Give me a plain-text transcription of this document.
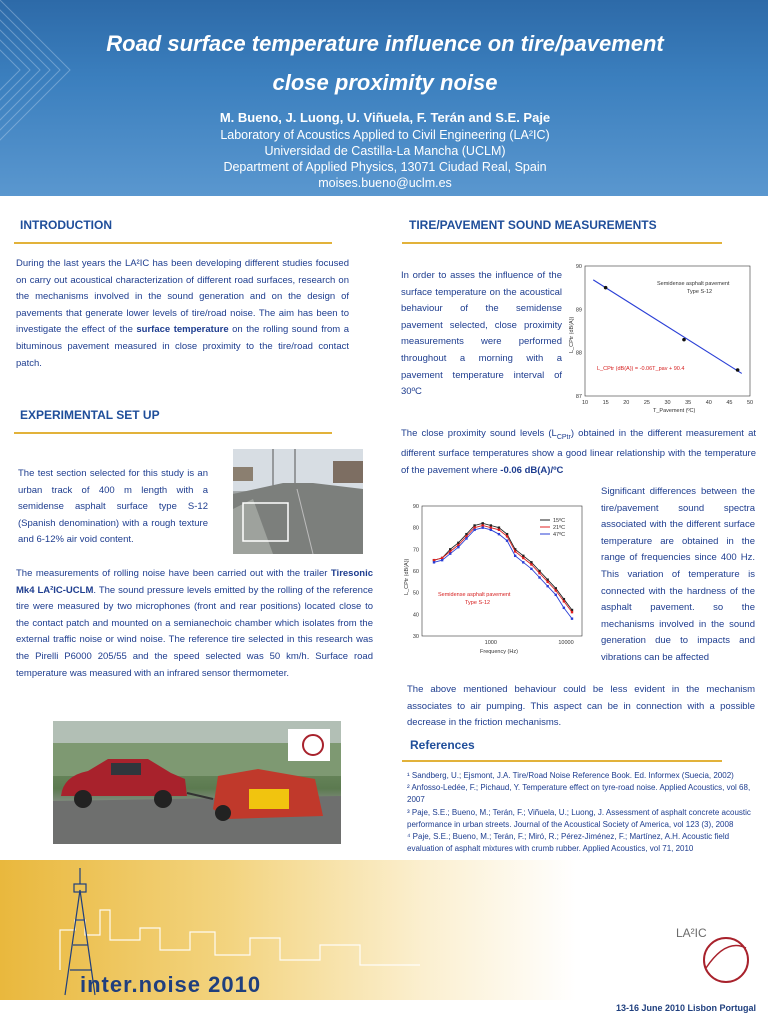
Road surface temperature influence on tire/pavement
close proximity noise
M. Bueno, J. Luong, U. Viñuela, F. Terán and S.E. Paje
Laboratory of Acoustics Applied to Civil Engineering (LA²IC)
Universidad de Castilla-La Mancha (UCLM)
Department of Applied Physics, 13071 Ciudad Real, Spain
moises.bueno@uclm.es
INTRODUCTION
During the last years the LA²IC has been developing different studies focused on carry out acoustical characterization of different road surfaces, research on the mechanisms involved in the sound generation and on the design of pavements that generate lower levels of tire/road noise. The aim has been to investigate the effect of the surface temperature on the rolling sound from a bituminous pavement measured in close proximity to the tire/road contact patch.
EXPERIMENTAL SET UP
The test section selected for this study is an urban track of 400 m length with a semidense asphalt surface type S-12 (Spanish denomination) with a rough texture and 6-12% air void content.
The measurements of rolling noise have been carried out with the trailer Tiresonic Mk4 LA²IC-UCLM. The sound pressure levels emitted by the rolling of the reference tire were measured by two microphones (front and rear positions) located close to the contact patch and mounted on a semianechoic chamber which isolates from the external traffic noise or wind noise. The reference tire selected in this research was the Pirelli P6000 205/55 and the speed selected was 50 km/h. Surface road temperature was measured with an infrared sensor thermometer.
TIRE/PAVEMENT SOUND MEASUREMENTS
In order to asses the influence of the surface temperature on the acoustical behaviour of the semidense pavement selected, close proximity measurements were performed throughout a morning with a pavement temperature interval of 30ºC
Semidense asphalt pavement
Type S-12
L_CPtr (dB(A)) = -0.06T_pav + 90.4
T_Pavement (ºC)
L_CPtr (dB(A))
10	15	20	25	30	35	40	45	50
87
88
89
90
The close proximity sound levels $(L_{CPtr})$ obtained in the different measurement at different surface temperatures show a good linear relationship with the temperature of the pavement where -0.06 dB(A)/ºC
Semidense asphalt pavement
Type S-12
Frequency (Hz)
L_CPtr (dB(A))
30
40
50
60
70
80
90
1000	10000
15ºC
21ºC
47ºC
Significant differences between the tire/pavement sound spectra associated with the different surface temperature are obtained in the range of frequencies since 400 Hz. This variation of temperature is connected with the hardness of the asphalt pavement. so the mechanisms involved in the sound generation due to impacts and vibrations can be affected
The above mentioned behaviour could be less evident in the mechanism associates to air pumping. This aspect can be in connection with a possible decrease in the friction mechanisms.
References
¹ Sandberg, U.; Ejsmont, J.A. Tire/Road Noise Reference Book. Ed. Informex (Suecia, 2002)
² Anfosso-Ledée, F.; Pichaud, Y. Temperature effect on tyre-road noise. Applied Acoustics, vol 68, 2007
³ Paje, S.E.; Bueno, M.; Terán, F.; Viñuela, U.; Luong, J. Assessment of asphalt concrete acoustic performance in urban streets. Journal of the Acoustical Society of America, vol 123 (3), 2008
⁴ Paje, S.E.; Bueno, M.; Terán, F.; Miró, R.; Pérez-Jiménez, F.; Martínez, A.H. Acoustic field evaluation of asphalt mixtures with crumb rubber. Applied Acoustics, vol 71, 2010
LA²IC
inter.noise 2010
13-16 June 2010 Lisbon Portugal
